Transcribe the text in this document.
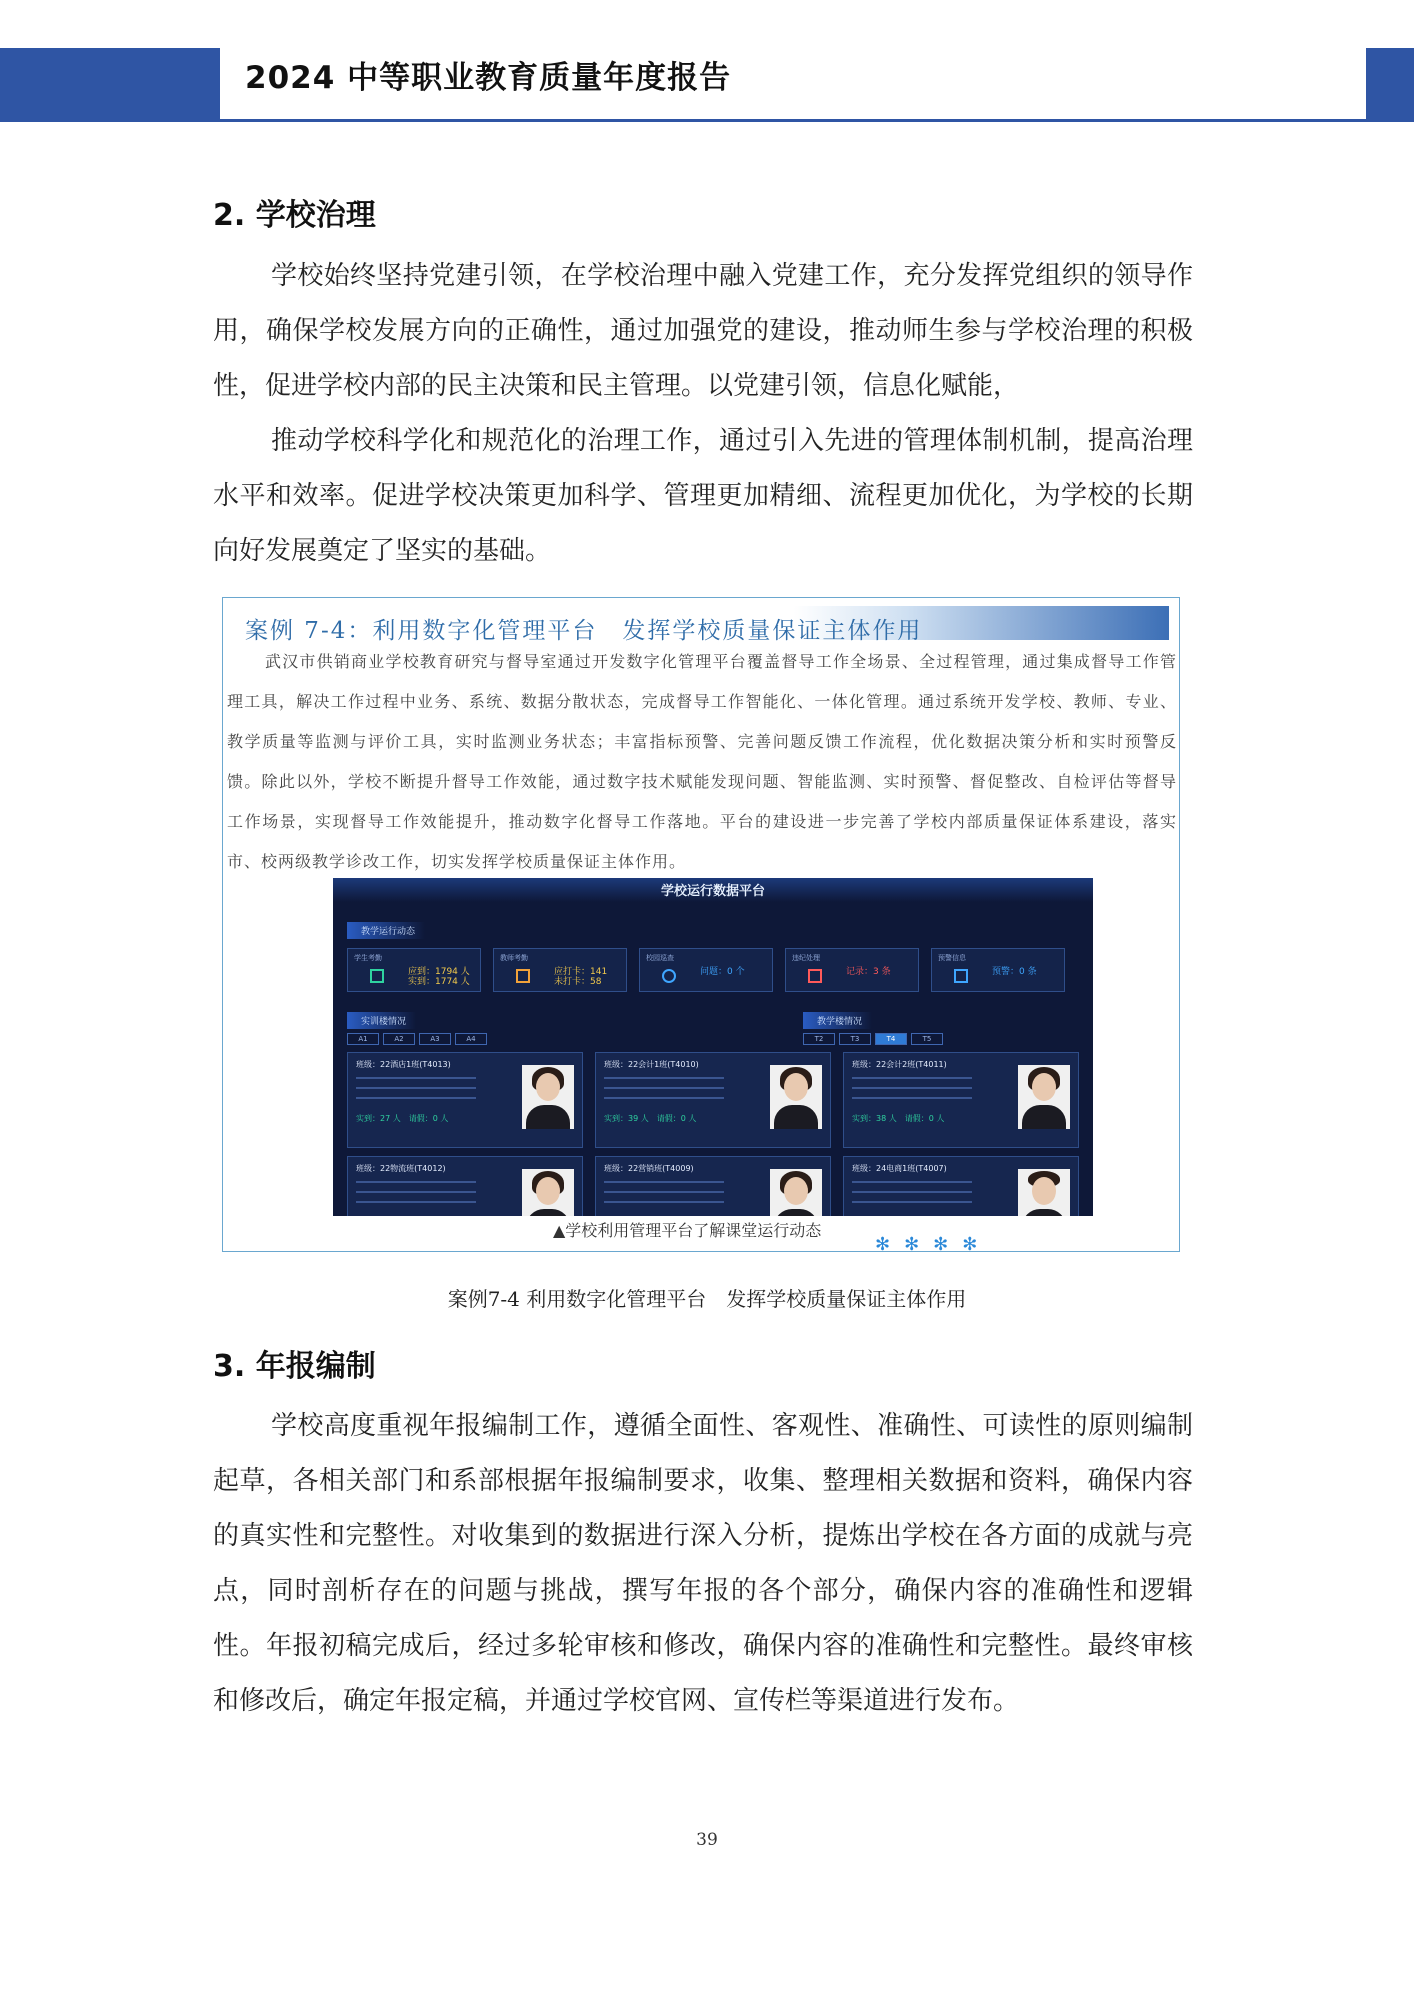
2024 中等职业教育质量年度报告
2. 学校治理

学校始终坚持党建引领，在学校治理中融入党建工作，充分发挥党组织的领导作用，确保学校发展方向的正确性，通过加强党的建设，推动师生参与学校治理的积极性，促进学校内部的民主决策和民主管理。以党建引领，信息化赋能，

推动学校科学化和规范化的治理工作，通过引入先进的管理体制机制，提高治理水平和效率。促进学校决策更加科学、管理更加精细、流程更加优化，为学校的长期向好发展奠定了坚实的基础。

案例 7-4：利用数字化管理平台　发挥学校质量保证主体作用

武汉市供销商业学校教育研究与督导室通过开发数字化管理平台覆盖督导工作全场景、全过程管理，通过集成督导工作管理工具，解决工作过程中业务、系统、数据分散状态，完成督导工作智能化、一体化管理。通过系统开发学校、教师、专业、教学质量等监测与评价工具，实时监测业务状态；丰富指标预警、完善问题反馈工作流程，优化数据决策分析和实时预警反馈。除此以外，学校不断提升督导工作效能，通过数字技术赋能发现问题、智能监测、实时预警、督促整改、自检评估等督导工作场景，实现督导工作效能提升，推动数字化督导工作落地。平台的建设进一步完善了学校内部质量保证体系建设，落实市、校两级教学诊改工作，切实发挥学校质量保证主体作用。

学校运行数据平台
教学运行动态
学生考勤
应到：1794 人
实到：1774 人
教师考勤
应打卡：141
未打卡：58
校园巡查
问题：0 个
违纪处理
记录：3 条
预警信息
预警：0 条
实训楼情况	教学楼情况
A1	A2	A3	A4	T2	T3	T4	T5
班级：22酒店1班(T4013)
实到：27 人　请假：0 人
班级：22会计1班(T4010)
实到：39 人　请假：0 人
班级：22会计2班(T4011)
实到：38 人　请假：0 人
班级：22物流班(T4012)	班级：22营销班(T4009)	班级：24电商1班(T4007)
▲学校利用管理平台了解课堂运行动态
✻✻✻✻
案例7-4 利用数字化管理平台　发挥学校质量保证主体作用
3. 年报编制

学校高度重视年报编制工作，遵循全面性、客观性、准确性、可读性的原则编制起草，各相关部门和系部根据年报编制要求，收集、整理相关数据和资料，确保内容的真实性和完整性。对收集到的数据进行深入分析，提炼出学校在各方面的成就与亮点，同时剖析存在的问题与挑战，撰写年报的各个部分，确保内容的准确性和逻辑性。年报初稿完成后，经过多轮审核和修改，确保内容的准确性和完整性。最终审核和修改后，确定年报定稿，并通过学校官网、宣传栏等渠道进行发布。

39
